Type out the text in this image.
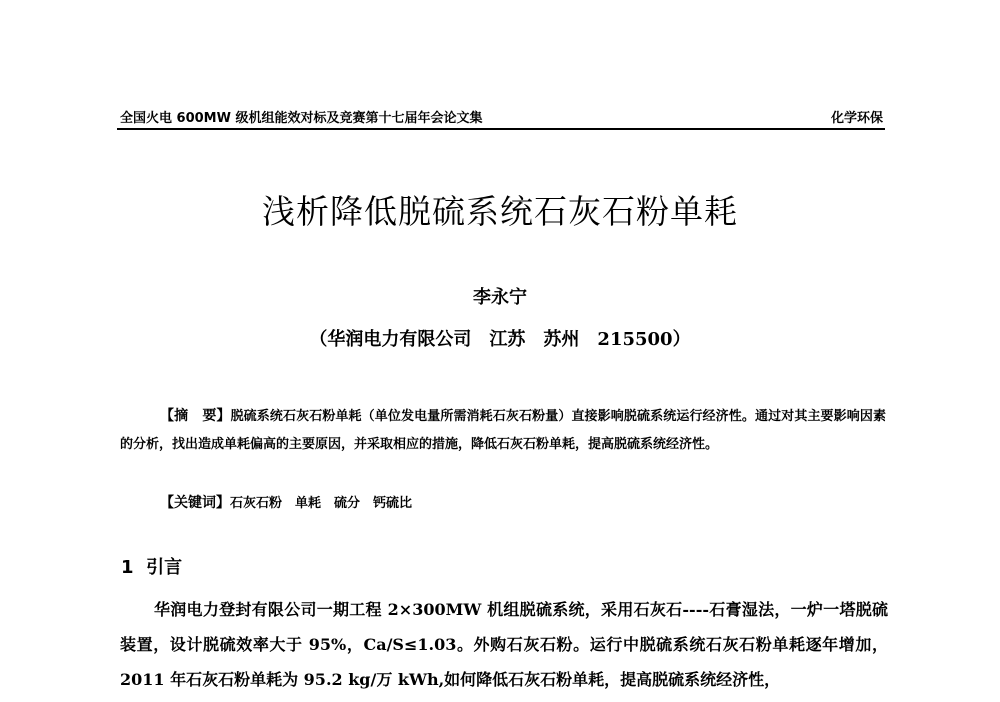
全国火电 600MW 级机组能效对标及竞赛第十七届年会论文集	化学环保
浅析降低脱硫系统石灰石粉单耗
李永宁
（华润电力有限公司　江苏　苏州　215500）
【摘　要】脱硫系统石灰石粉单耗（单位发电量所需消耗石灰石粉量）直接影响脱硫系统运行经济性。通过对其主要影响因素的分析，找出造成单耗偏高的主要原因，并采取相应的措施，降低石灰石粉单耗，提高脱硫系统经济性。
【关键词】石灰石粉　单耗　硫分　钙硫比
1 引言
华润电力登封有限公司一期工程 2×300MW 机组脱硫系统，采用石灰石----石膏湿法，一炉一塔脱硫装置，设计脱硫效率大于 95%，Ca/S≤1.03。外购石灰石粉。运行中脱硫系统石灰石粉单耗逐年增加，2011 年石灰石粉单耗为 95.2 kg/万 kWh,如何降低石灰石粉单耗，提高脱硫系统经济性，
